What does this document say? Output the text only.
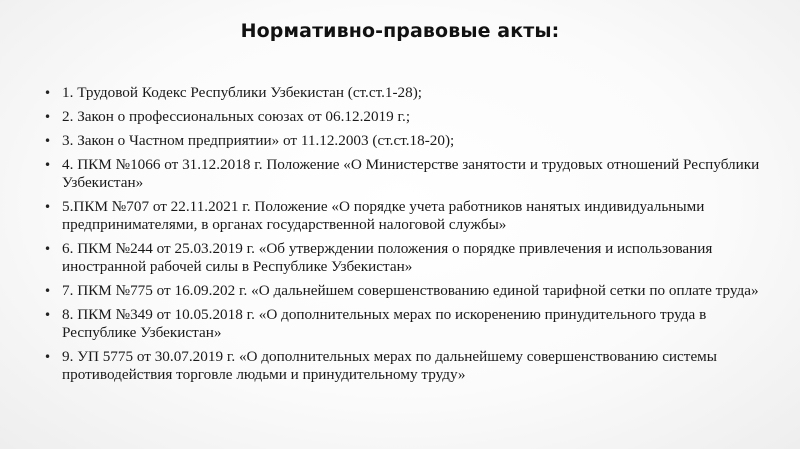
Нормативно-правовые акты:
• 1. Трудовой Кодекс Республики Узбекистан (ст.ст.1-28);
• 2. Закон о профессиональных союзах от 06.12.2019 г.;
• 3. Закон о Частном предприятии» от 11.12.2003 (ст.ст.18-20);
• 4. ПКМ №1066 от 31.12.2018 г. Положение «О Министерстве занятости и трудовых отношений Республики Узбекистан»
• 5.ПКМ №707 от 22.11.2021 г. Положение «О порядке учета работников нанятых индивидуальными предпринимателями, в органах государственной налоговой службы»
• 6. ПКМ №244 от 25.03.2019 г. «Об утверждении положения о порядке привлечения и использования иностранной рабочей силы в Республике Узбекистан»
• 7. ПКМ №775 от 16.09.202 г. «О дальнейшем совершенствованию единой тарифной сетки по оплате труда»
• 8. ПКМ №349 от 10.05.2018 г. «О дополнительных мерах по искоренению принудительного труда в Республике Узбекистан»
• 9. УП 5775 от 30.07.2019 г. «О дополнительных мерах по дальнейшему совершенствованию системы противодействия торговле людьми и принудительному труду»
